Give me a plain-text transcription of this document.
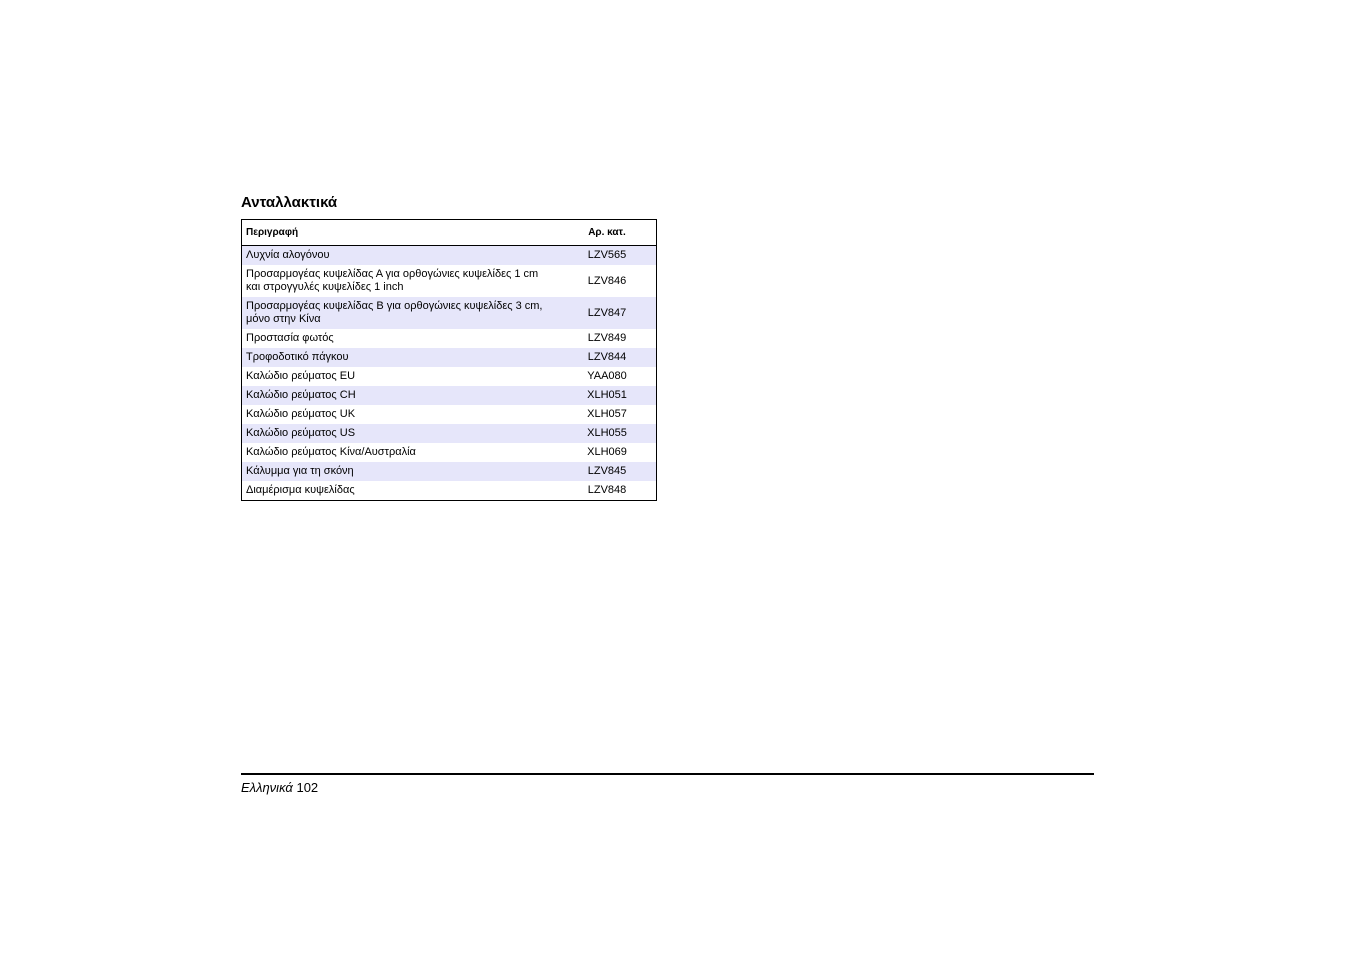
Ανταλλακτικά
Περιγραφή	Αρ. κατ.
Λυχνία αλογόνου	LZV565
Προσαρμογέας κυψελίδας Α για ορθογώνιες κυψελίδες 1 cm και στρογγυλές κυψελίδες 1 inch	LZV846
Προσαρμογέας κυψελίδας Β για ορθογώνιες κυψελίδες 3 cm, μόνο στην Κίνα	LZV847
Προστασία φωτός	LZV849
Τροφοδοτικό πάγκου	LZV844
Καλώδιο ρεύματος EU	YAA080
Καλώδιο ρεύματος CH	XLH051
Καλώδιο ρεύματος UK	XLH057
Καλώδιο ρεύματος US	XLH055
Καλώδιο ρεύματος Κίνα/Αυστραλία	XLH069
Κάλυμμα για τη σκόνη	LZV845
Διαμέρισμα κυψελίδας	LZV848
Ελληνικά 102
